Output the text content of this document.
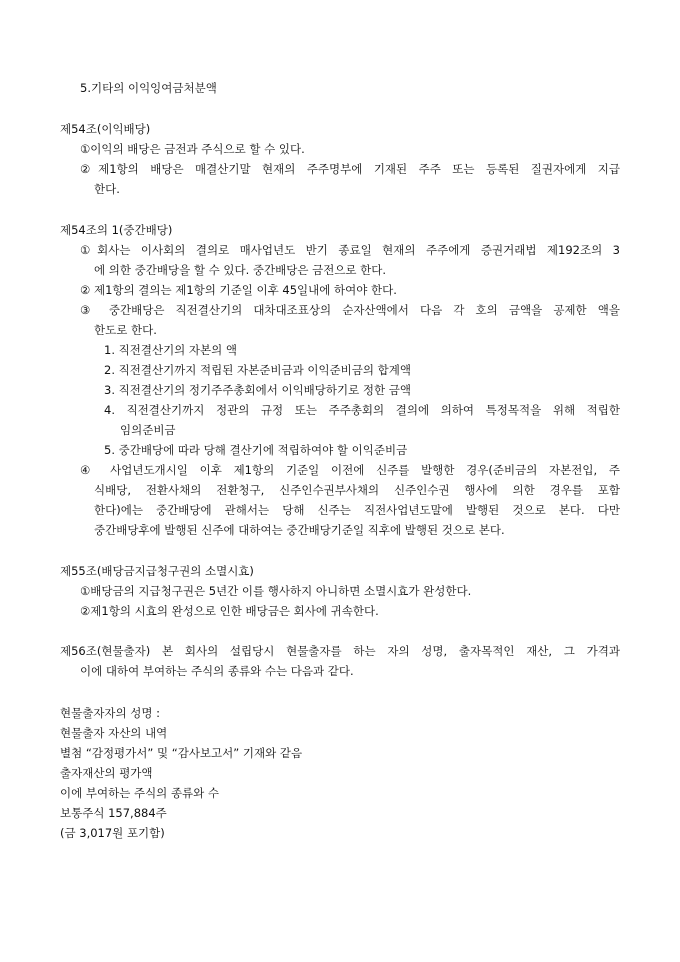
5.기타의 이익잉여금처분액
제54조(이익배당)
①이익의 배당은 금전과 주식으로 할 수 있다.
②제1항의 배당은 매결산기말 현재의 주주명부에 기재된 주주 또는 등록된 질권자에게 지급
한다.
제54조의 1(중간배당)
①회사는 이사회의 결의로 매사업년도 반기 종료일 현재의 주주에게 증권거래법 제192조의 3
에 의한 중간배당을 할 수 있다. 중간배당은 금전으로 한다.
② 제1항의 결의는 제1항의 기준일 이후 45일내에 하여야 한다.
③ 중간배당은 직전결산기의 대차대조표상의 순자산액에서 다음 각 호의 금액을 공제한 액을
한도로 한다.
1. 직전결산기의 자본의 액
2. 직전결산기까지 적립된 자본준비금과 이익준비금의 합계액
3. 직전결산기의 정기주주총회에서 이익배당하기로 정한 금액
4. 직전결산기까지 정관의 규정 또는 주주총회의 결의에 의하여 특정목적을 위해 적립한
임의준비금
5. 중간배당에 따라 당해 결산기에 적립하여야 할 이익준비금
④ 사업년도개시일 이후 제1항의 기준일 이전에 신주를 발행한 경우(준비금의 자본전입, 주
식배당, 전환사채의 전환청구, 신주인수권부사채의 신주인수권 행사에 의한 경우를 포함
한다)에는 중간배당에 관해서는 당해 신주는 직전사업년도말에 발행된 것으로 본다. 다만
중간배당후에 발행된 신주에 대하여는 중간배당기준일 직후에 발행된 것으로 본다.
제55조(배당금지급청구권의 소멸시효)
①배당금의 지급청구권은 5년간 이를 행사하지 아니하면 소멸시효가 완성한다.
②제1항의 시효의 완성으로 인한 배당금은 회사에 귀속한다.
제56조(현물출자) 본 회사의 설립당시 현물출자를 하는 자의 성명, 출자목적인 재산, 그 가격과
이에 대하여 부여하는 주식의 종류와 수는 다음과 같다.
현물출자자의 성명 :
현물출자 자산의 내역
별첨 “감정평가서” 및 “감사보고서” 기재와 같음
출자재산의 평가액
이에 부여하는 주식의 종류와 수
보통주식 157,884주
(금 3,017원 포기함)
